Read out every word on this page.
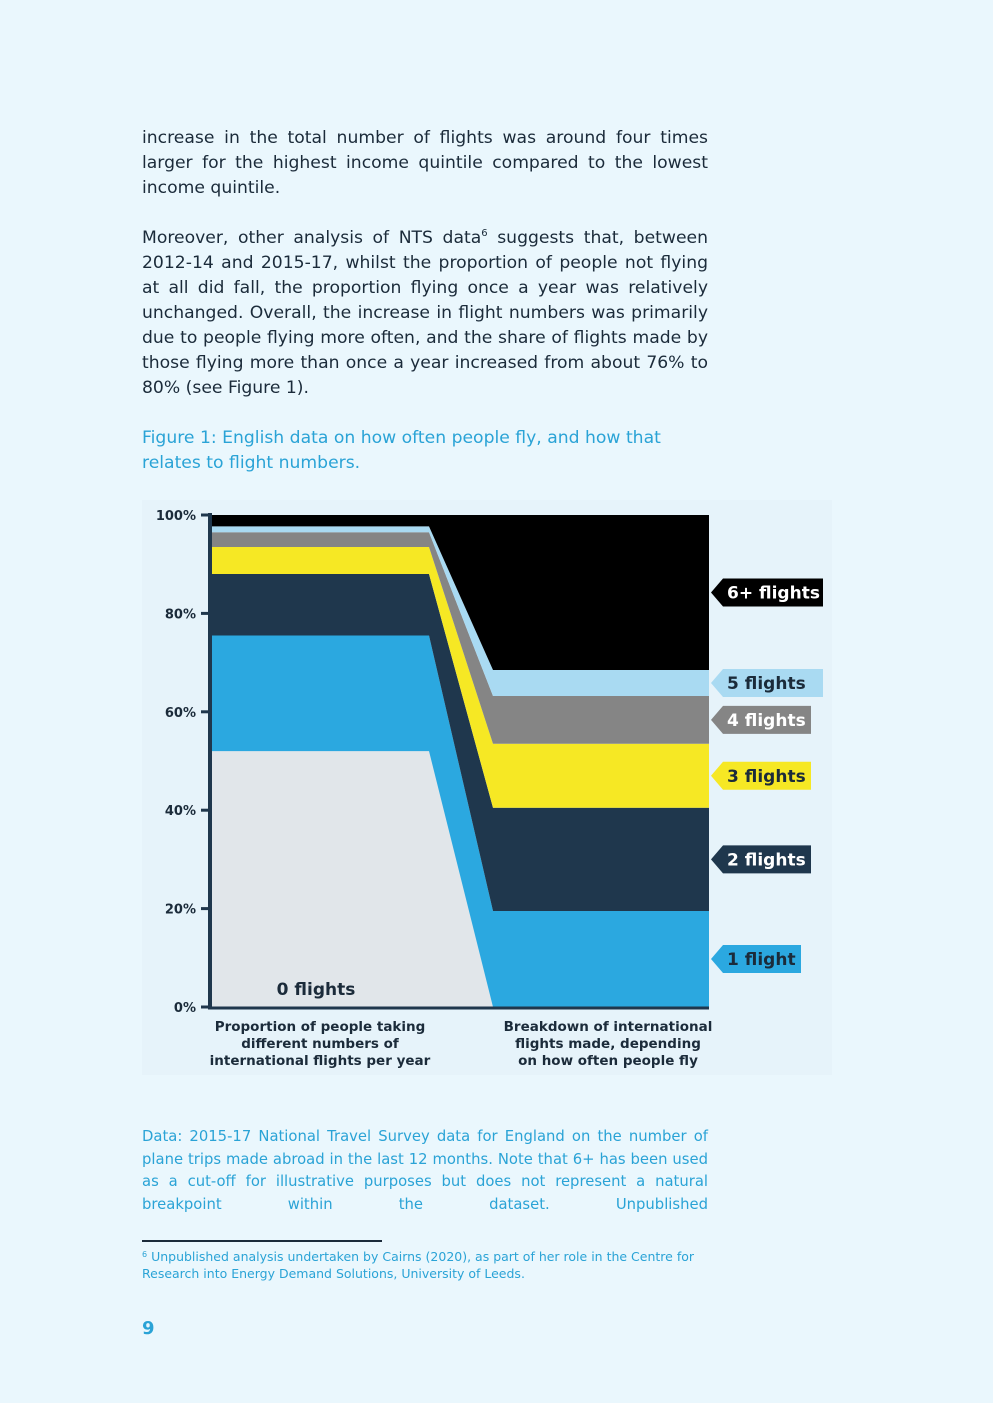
increase in the total number of flights was around four times larger for the highest income quintile compared to the lowest income quintile.

Moreover, other analysis of NTS data$^6$ suggests that, between 2012-14 and 2015-17, whilst the proportion of people not flying at all did fall, the proportion flying once a year was relatively unchanged. Overall, the increase in flight numbers was primarily due to people flying more often, and the share of flights made by those flying more than once a year increased from about 76% to 80% (see Figure 1).

Figure 1: English data on how often people fly, and how that relates to flight numbers.

0%
20%
40%
60%
80%
100%
Proportion of people taking
different numbers of
international flights per year
Breakdown of international
flights made, depending
on how often people fly
0 flights
1 flight
2 flights
3 flights
4 flights
5 flights
6+ flights

Data: 2015-17 National Travel Survey data for England on the number of plane trips made abroad in the last 12 months. Note that 6+ has been used as a cut-off for illustrative purposes but does not represent a natural breakpoint within the dataset. Unpublished

$^6$ Unpublished analysis undertaken by Cairns (2020), as part of her role in the Centre for Research into Energy Demand Solutions, University of Leeds.

9
